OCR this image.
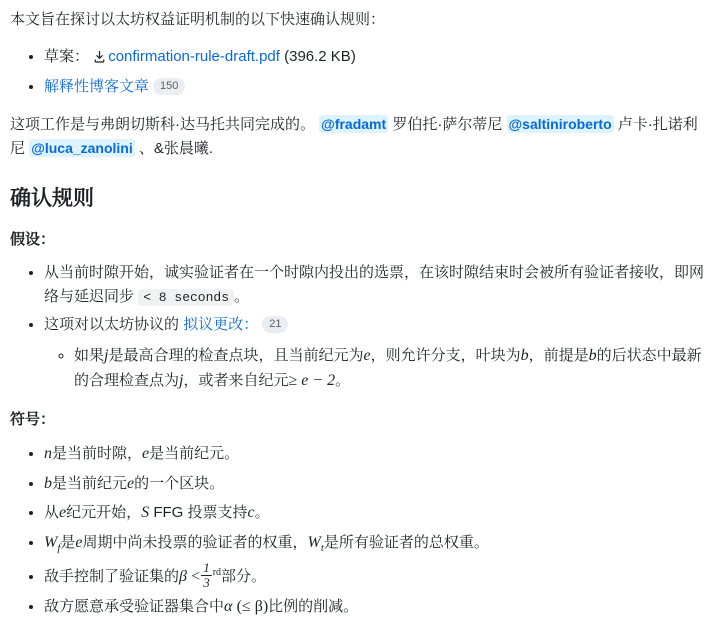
本文旨在探讨以太坊权益证明机制的以下快速确认规则：

• 草案： confirmation-rule-draft.pdf (396.2 KB)
• 解释性博客文章 150

这项工作是与弗朗切斯科·达马托共同完成的。 @fradamt 罗伯托·萨尔蒂尼 @saltiniroberto 卢卡·扎诺利尼 @luca_zanolini 、&张晨曦.

确认规则
假设：
• 从当前时隙开始，诚实验证者在一个时隙内投出的选票，在该时隙结束时会被所有验证者接收，即网络与延迟同步 < 8 seconds 。
• 这项对以太坊协议的 拟议更改： 21
◦ 如果j是最高合理的检查点块，且当前纪元为e，则允许分支，叶块为b，前提是b的后状态中最新的合理检查点为j，或者来自纪元≥ e − 2。
符号：
• n是当前时隙，e是当前纪元。
• b是当前纪元e的一个区块。
• 从e纪元开始，S FFG 投票支持c。
• $W_f$是e周期中尚未投票的验证者的权重，$W_t$是所有验证者的总权重。
• 敌手控制了验证集的$\beta < \frac{1}{3} ^{rd}$部分。
• 敌方愿意承受验证器集合中α (≤ β)比例的削减。
